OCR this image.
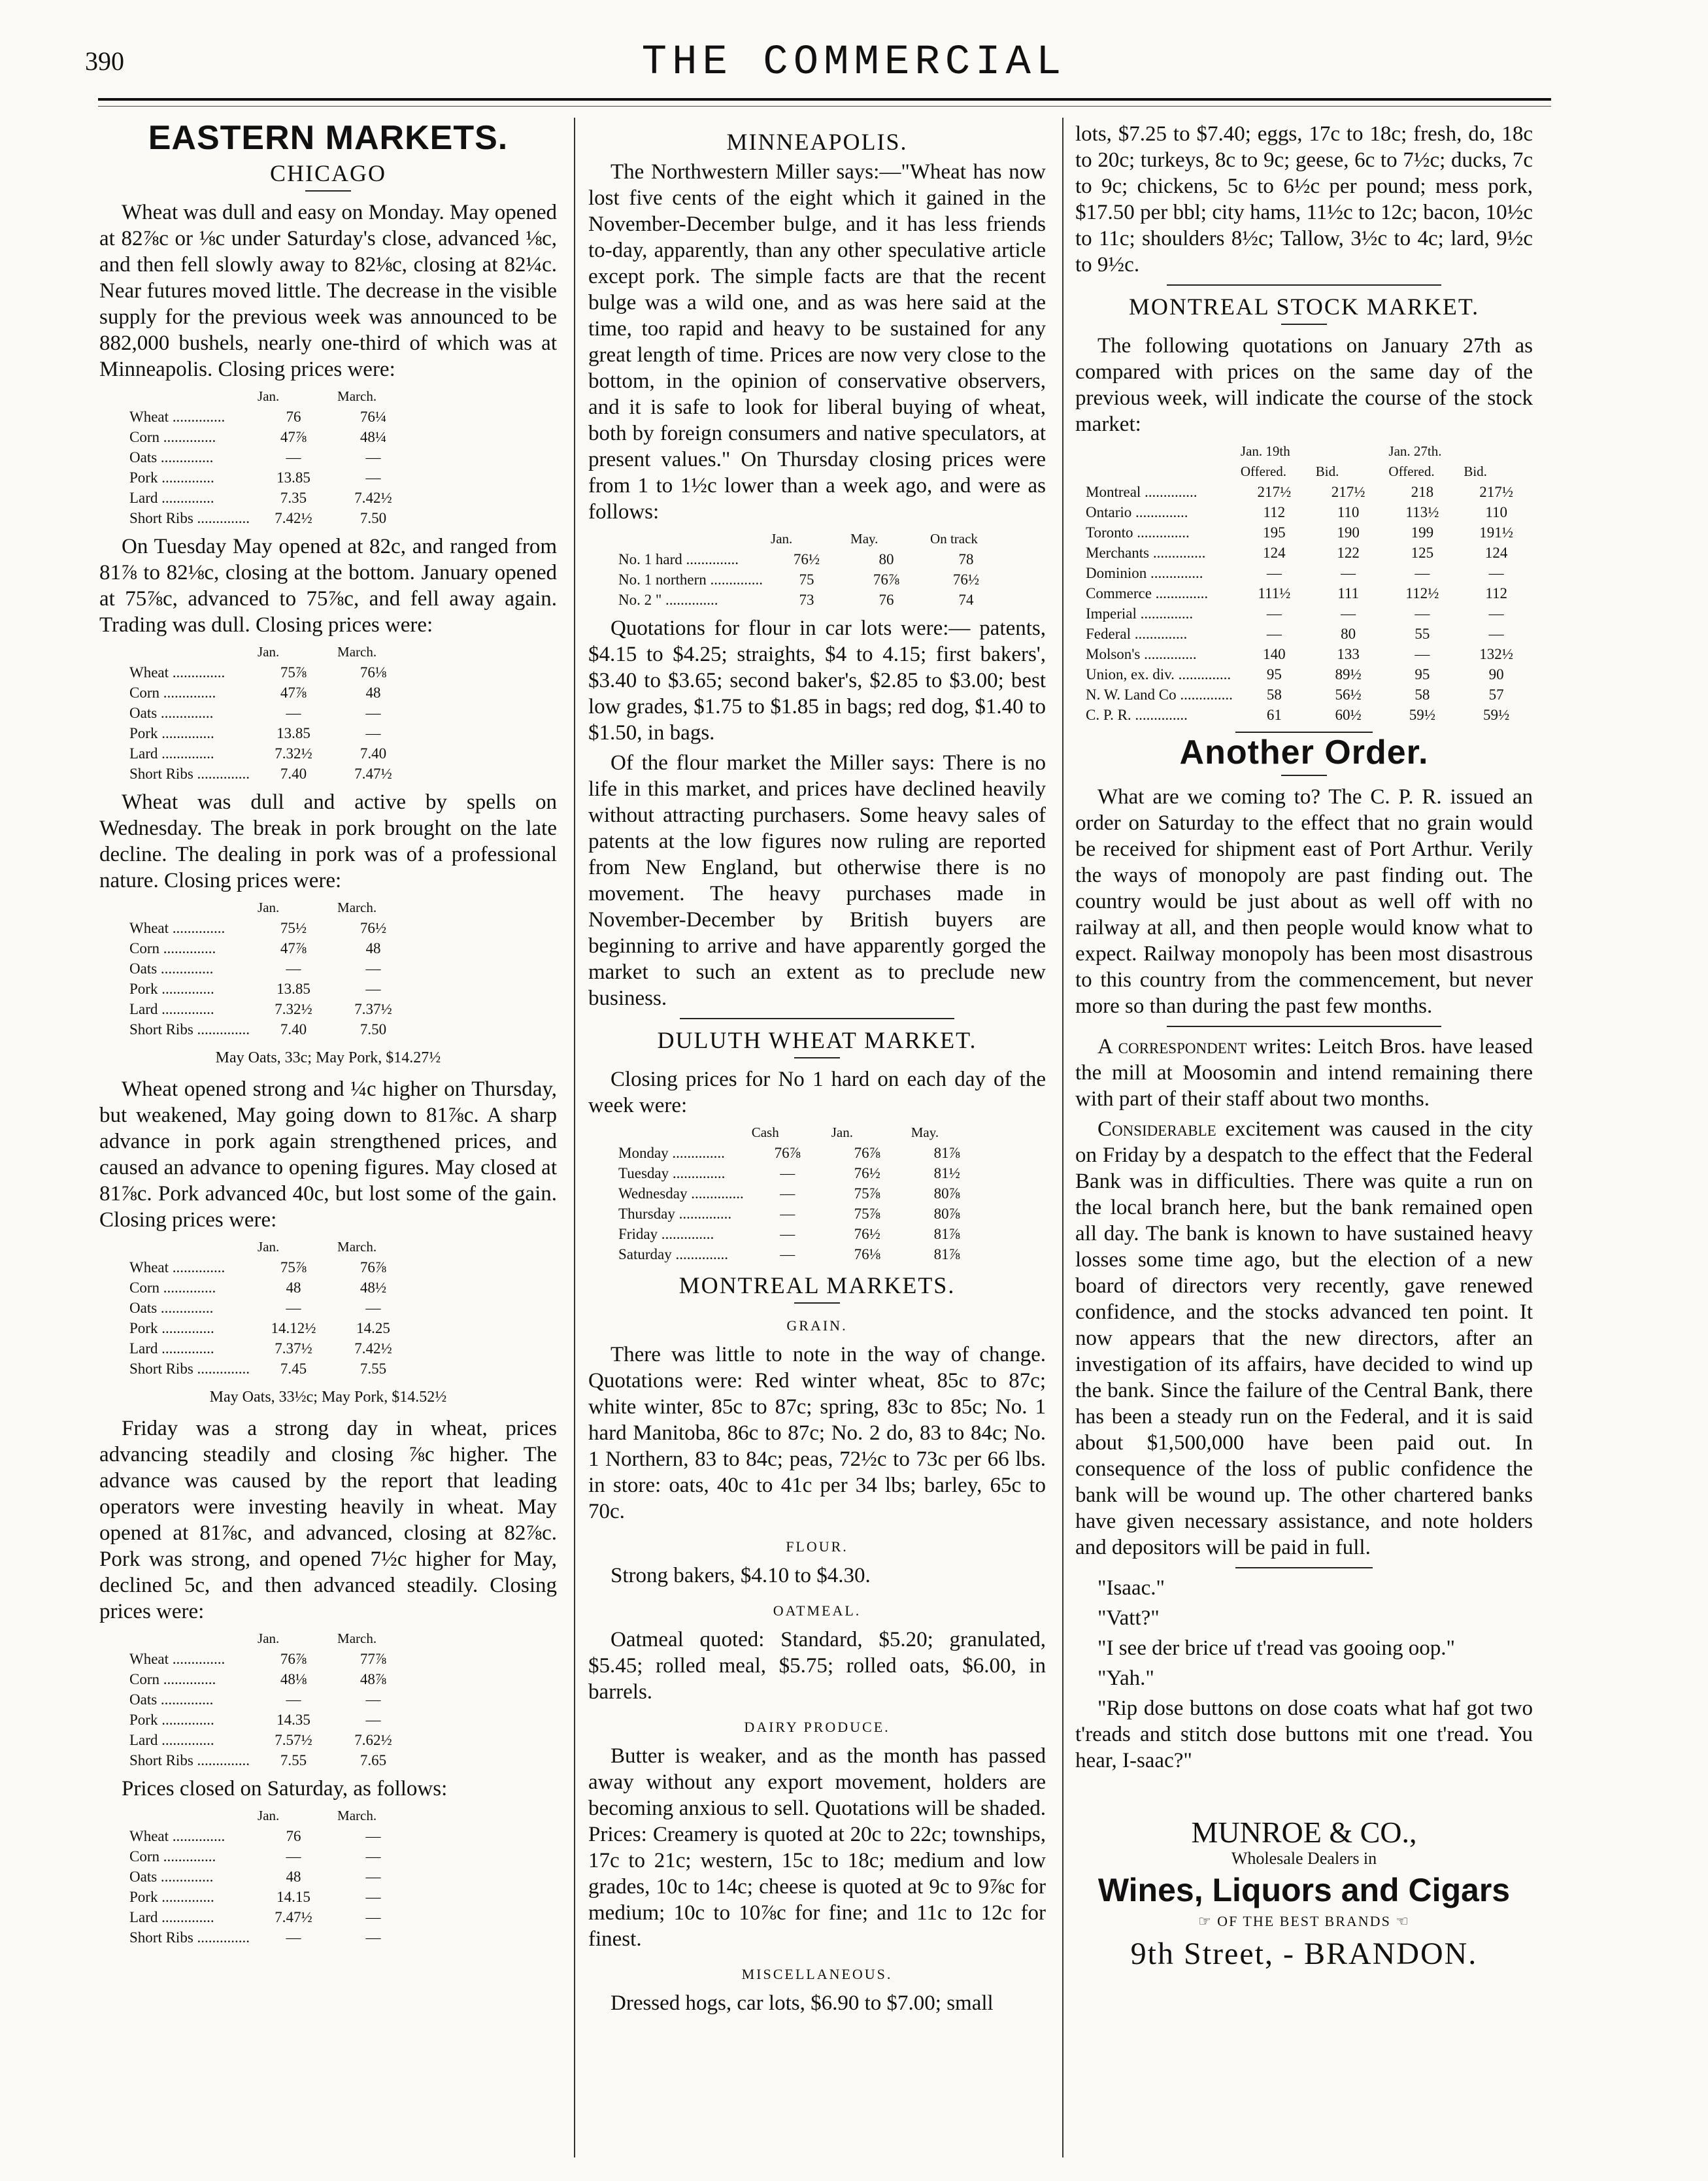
390	THE COMMERCIAL
EASTERN MARKETS.
CHICAGO

Wheat was dull and easy on Monday. May opened at 82⅞c or ⅛c under Saturday's close, advanced ⅛c, and then fell slowly away to 82⅛c, closing at 82¼c. Near futures moved little. The decrease in the visible supply for the previous week was announced to be 882,000 bushels, nearly one-third of which was at Minneapolis. Closing prices were:

	Jan.	March.
Wheat ..............	76	76¼
Corn ..............	47⅞	48¼
Oats ..............	—	—
Pork ..............	13.85	—
Lard ..............	7.35	7.42½
Short Ribs ..............	7.42½	7.50

On Tuesday May opened at 82c, and ranged from 81⅞ to 82⅛c, closing at the bottom. January opened at 75⅞c, advanced to 75⅞c, and fell away again. Trading was dull. Closing prices were:

	Jan.	March.
Wheat ..............	75⅞	76⅛
Corn ..............	47⅞	48
Oats ..............	—	—
Pork ..............	13.85	—
Lard ..............	7.32½	7.40
Short Ribs ..............	7.40	7.47½

Wheat was dull and active by spells on Wednesday. The break in pork brought on the late decline. The dealing in pork was of a professional nature. Closing prices were:

	Jan.	March.
Wheat ..............	75½	76½
Corn ..............	47⅞	48
Oats ..............	—	—
Pork ..............	13.85	—
Lard ..............	7.32½	7.37½
Short Ribs ..............	7.40	7.50
May Oats, 33c; May Pork, $14.27½

Wheat opened strong and ¼c higher on Thursday, but weakened, May going down to 81⅞c. A sharp advance in pork again strengthened prices, and caused an advance to opening figures. May closed at 81⅞c. Pork advanced 40c, but lost some of the gain. Closing prices were:

	Jan.	March.
Wheat ..............	75⅞	76⅞
Corn ..............	48	48½
Oats ..............	—	—
Pork ..............	14.12½	14.25
Lard ..............	7.37½	7.42½
Short Ribs ..............	7.45	7.55
May Oats, 33½c; May Pork, $14.52½

Friday was a strong day in wheat, prices advancing steadily and closing ⅞c higher. The advance was caused by the report that leading operators were investing heavily in wheat. May opened at 81⅞c, and advanced, closing at 82⅞c. Pork was strong, and opened 7½c higher for May, declined 5c, and then advanced steadily. Closing prices were:

	Jan.	March.
Wheat ..............	76⅞	77⅞
Corn ..............	48⅛	48⅞
Oats ..............	—	—
Pork ..............	14.35	—
Lard ..............	7.57½	7.62½
Short Ribs ..............	7.55	7.65

Prices closed on Saturday, as follows:

	Jan.	March.
Wheat ..............	76	—
Corn ..............	—	—
Oats ..............	48	—
Pork ..............	14.15	—
Lard ..............	7.47½	—
Short Ribs ..............	—	—
MINNEAPOLIS.

The Northwestern Miller says:—"Wheat has now lost five cents of the eight which it gained in the November-December bulge, and it has less friends to-day, apparently, than any other speculative article except pork. The simple facts are that the recent bulge was a wild one, and as was here said at the time, too rapid and heavy to be sustained for any great length of time. Prices are now very close to the bottom, in the opinion of conservative observers, and it is safe to look for liberal buying of wheat, both by foreign consumers and native speculators, at present values." On Thursday closing prices were from 1 to 1½c lower than a week ago, and were as follows:

	Jan.	May.	On track
No. 1 hard ..............	76½	80	78
No. 1 northern ..............	75	76⅞	76½
No. 2 " ..............	73	76	74

Quotations for flour in car lots were:— patents, $4.15 to $4.25; straights, $4 to 4.15; first bakers', $3.40 to $3.65; second baker's, $2.85 to $3.00; best low grades, $1.75 to $1.85 in bags; red dog, $1.40 to $1.50, in bags.

Of the flour market the Miller says: There is no life in this market, and prices have declined heavily without attracting purchasers. Some heavy sales of patents at the low figures now ruling are reported from New England, but otherwise there is no movement. The heavy purchases made in November-December by British buyers are beginning to arrive and have apparently gorged the market to such an extent as to preclude new business.

DULUTH WHEAT MARKET.

Closing prices for No 1 hard on each day of the week were:

	Cash	Jan.	May.
Monday ..............	76⅞	76⅞	81⅞
Tuesday ..............	—	76½	81½
Wednesday ..............	—	75⅞	80⅞
Thursday ..............	—	75⅞	80⅞
Friday ..............	—	76½	81⅞
Saturday ..............	—	76⅛	81⅞
MONTREAL MARKETS.
GRAIN.

There was little to note in the way of change. Quotations were: Red winter wheat, 85c to 87c; white winter, 85c to 87c; spring, 83c to 85c; No. 1 hard Manitoba, 86c to 87c; No. 2 do, 83 to 84c; No. 1 Northern, 83 to 84c; peas, 72½c to 73c per 66 lbs. in store: oats, 40c to 41c per 34 lbs; barley, 65c to 70c.

FLOUR.

Strong bakers, $4.10 to $4.30.

OATMEAL.

Oatmeal quoted: Standard, $5.20; granulated, $5.45; rolled meal, $5.75; rolled oats, $6.00, in barrels.

DAIRY PRODUCE.

Butter is weaker, and as the month has passed away without any export movement, holders are becoming anxious to sell. Quotations will be shaded. Prices: Creamery is quoted at 20c to 22c; townships, 17c to 21c; western, 15c to 18c; medium and low grades, 10c to 14c; cheese is quoted at 9c to 9⅞c for medium; 10c to 10⅞c for fine; and 11c to 12c for finest.

MISCELLANEOUS.

Dressed hogs, car lots, $6.90 to $7.00; small

lots, $7.25 to $7.40; eggs, 17c to 18c; fresh, do, 18c to 20c; turkeys, 8c to 9c; geese, 6c to 7½c; ducks, 7c to 9c; chickens, 5c to 6½c per pound; mess pork, $17.50 per bbl; city hams, 11½c to 12c; bacon, 10½c to 11c; shoulders 8½c; Tallow, 3½c to 4c; lard, 9½c to 9½c.

MONTREAL STOCK MARKET.

The following quotations on January 27th as compared with prices on the same day of the previous week, will indicate the course of the stock market:

	Jan. 19th		Jan. 27th.	
	Offered.	Bid.	Offered.	Bid.
Montreal ..............	217½	217½	218	217½
Ontario ..............	112	110	113½	110
Toronto ..............	195	190	199	191½
Merchants ..............	124	122	125	124
Dominion ..............	—	—	—	—
Commerce ..............	111½	111	112½	112
Imperial ..............	—	—	—	—
Federal ..............	—	80	55	—
Molson's ..............	140	133	—	132½
Union, ex. div. ..............	95	89½	95	90
N. W. Land Co ..............	58	56½	58	57
C. P. R. ..............	61	60½	59½	59½
Another Order.

What are we coming to? The C. P. R. issued an order on Saturday to the effect that no grain would be received for shipment east of Port Arthur. Verily the ways of monopoly are past finding out. The country would be just about as well off with no railway at all, and then people would know what to expect. Railway monopoly has been most disastrous to this country from the commencement, but never more so than during the past few months.

A correspondent writes: Leitch Bros. have leased the mill at Moosomin and intend remaining there with part of their staff about two months.

Considerable excitement was caused in the city on Friday by a despatch to the effect that the Federal Bank was in difficulties. There was quite a run on the local branch here, but the bank remained open all day. The bank is known to have sustained heavy losses some time ago, but the election of a new board of directors very recently, gave renewed confidence, and the stocks advanced ten point. It now appears that the new directors, after an investigation of its affairs, have decided to wind up the bank. Since the failure of the Central Bank, there has been a steady run on the Federal, and it is said about $1,500,000 have been paid out. In consequence of the loss of public confidence the bank will be wound up. The other chartered banks have given necessary assistance, and note holders and depositors will be paid in full.

"Isaac."

"Vatt?"

"I see der brice uf t'read vas gooing oop."

"Yah."

"Rip dose buttons on dose coats what haf got two t'reads and stitch dose buttons mit one t'read. You hear, I-saac?"

MUNROE & CO.,
Wholesale Dealers in
Wines, Liquors and Cigars
☞ OF THE BEST BRANDS ☜
9th Street, - BRANDON.
